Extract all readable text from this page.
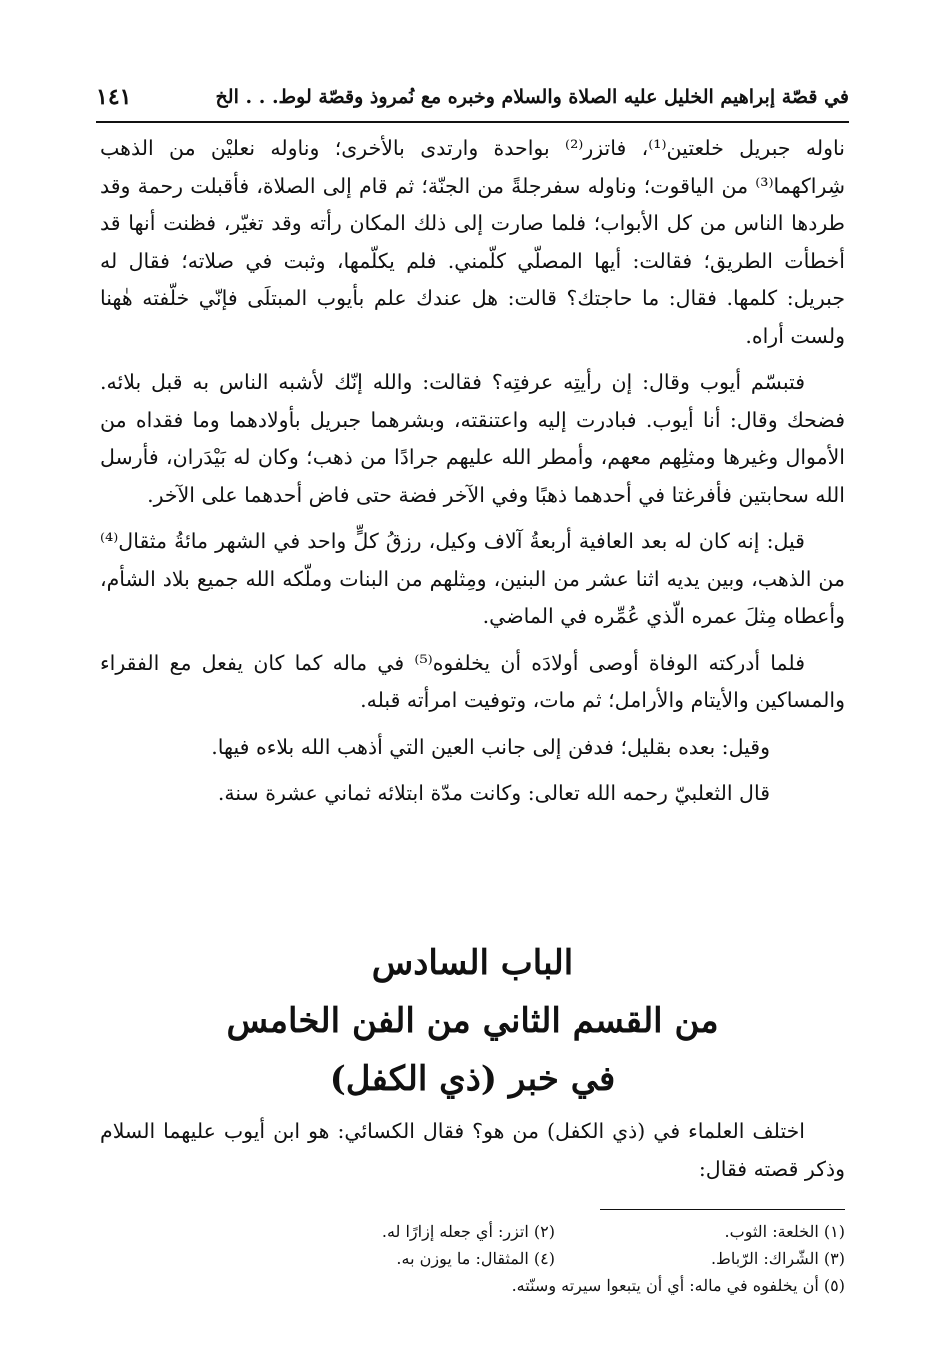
في قصّة إبراهيم الخليل عليه الصلاة والسلام وخبره مع نُمروذ وقصّة لوط. . . الخ
١٤١

ناوله جبريل خلعتين⁽¹⁾، فاتزر⁽²⁾ بواحدة وارتدى بالأخرى؛ وناوله نعليْن من الذهب شِراكهما⁽³⁾ من الياقوت؛ وناوله سفرجلةً من الجنّة؛ ثم قام إلى الصلاة، فأقبلت رحمة وقد طردها الناس من كل الأبواب؛ فلما صارت إلى ذلك المكان رأته وقد تغيّر، فظنت أنها قد أخطأت الطريق؛ فقالت: أيها المصلّي كلّمني. فلم يكلّمها، وثبت في صلاته؛ فقال له جبريل: كلمها. فقال: ما حاجتك؟ قالت: هل عندك علم بأيوب المبتلَى فإنّي خلّفته هٰهنا ولست أراه.

فتبسّم أيوب وقال: إن رأيتِه عرفتِه؟ فقالت: والله إنّك لأشبه الناس به قبل بلائه. فضحك وقال: أنا أيوب. فبادرت إليه واعتنقته، وبشرهما جبريل بأولادهما وما فقداه من الأموال وغيرها ومثلِهم معهم، وأمطر الله عليهم جرادًا من ذهب؛ وكان له بَيْدَران، فأرسل الله سحابتين فأفرغتا في أحدهما ذهبًا وفي الآخر فضة حتى فاض أحدهما على الآخر.

قيل: إنه كان له بعد العافية أربعةُ آلاف وكيل، رزقُ كلٍّ واحد في الشهر مائةُ مثقال⁽⁴⁾ من الذهب، وبين يديه اثنا عشر من البنين، ومِثلهم من البنات وملّكه الله جميع بلاد الشأم، وأعطاه مِثلَ عمره الّذي عُمِّره في الماضي.

فلما أدركته الوفاة أوصى أولادَه أن يخلفوه⁽⁵⁾ في ماله كما كان يفعل مع الفقراء والمساكين والأيتام والأرامل؛ ثم مات، وتوفيت امرأته قبله.

وقيل: بعده بقليل؛ فدفن إلى جانب العين التي أذهب الله بلاءه فيها.

قال الثعلبيّ رحمه الله تعالى: وكانت مدّة ابتلائه ثماني عشرة سنة.

الباب السادس
من القسم الثاني من الفن الخامس
في خبر (ذي الكفل)

اختلف العلماء في (ذي الكفل) من هو؟ فقال الكسائي: هو ابن أيوب عليهما السلام وذكر قصته فقال:

(١) الخلعة: الثوب.
(٢) اتزر: أي جعله إزارًا له.
(٣) الشّراك: الرّباط.
(٤) المثقال: ما يوزن به.
(٥) أن يخلفوه في ماله: أي أن يتبعوا سيرته وسنّته.
